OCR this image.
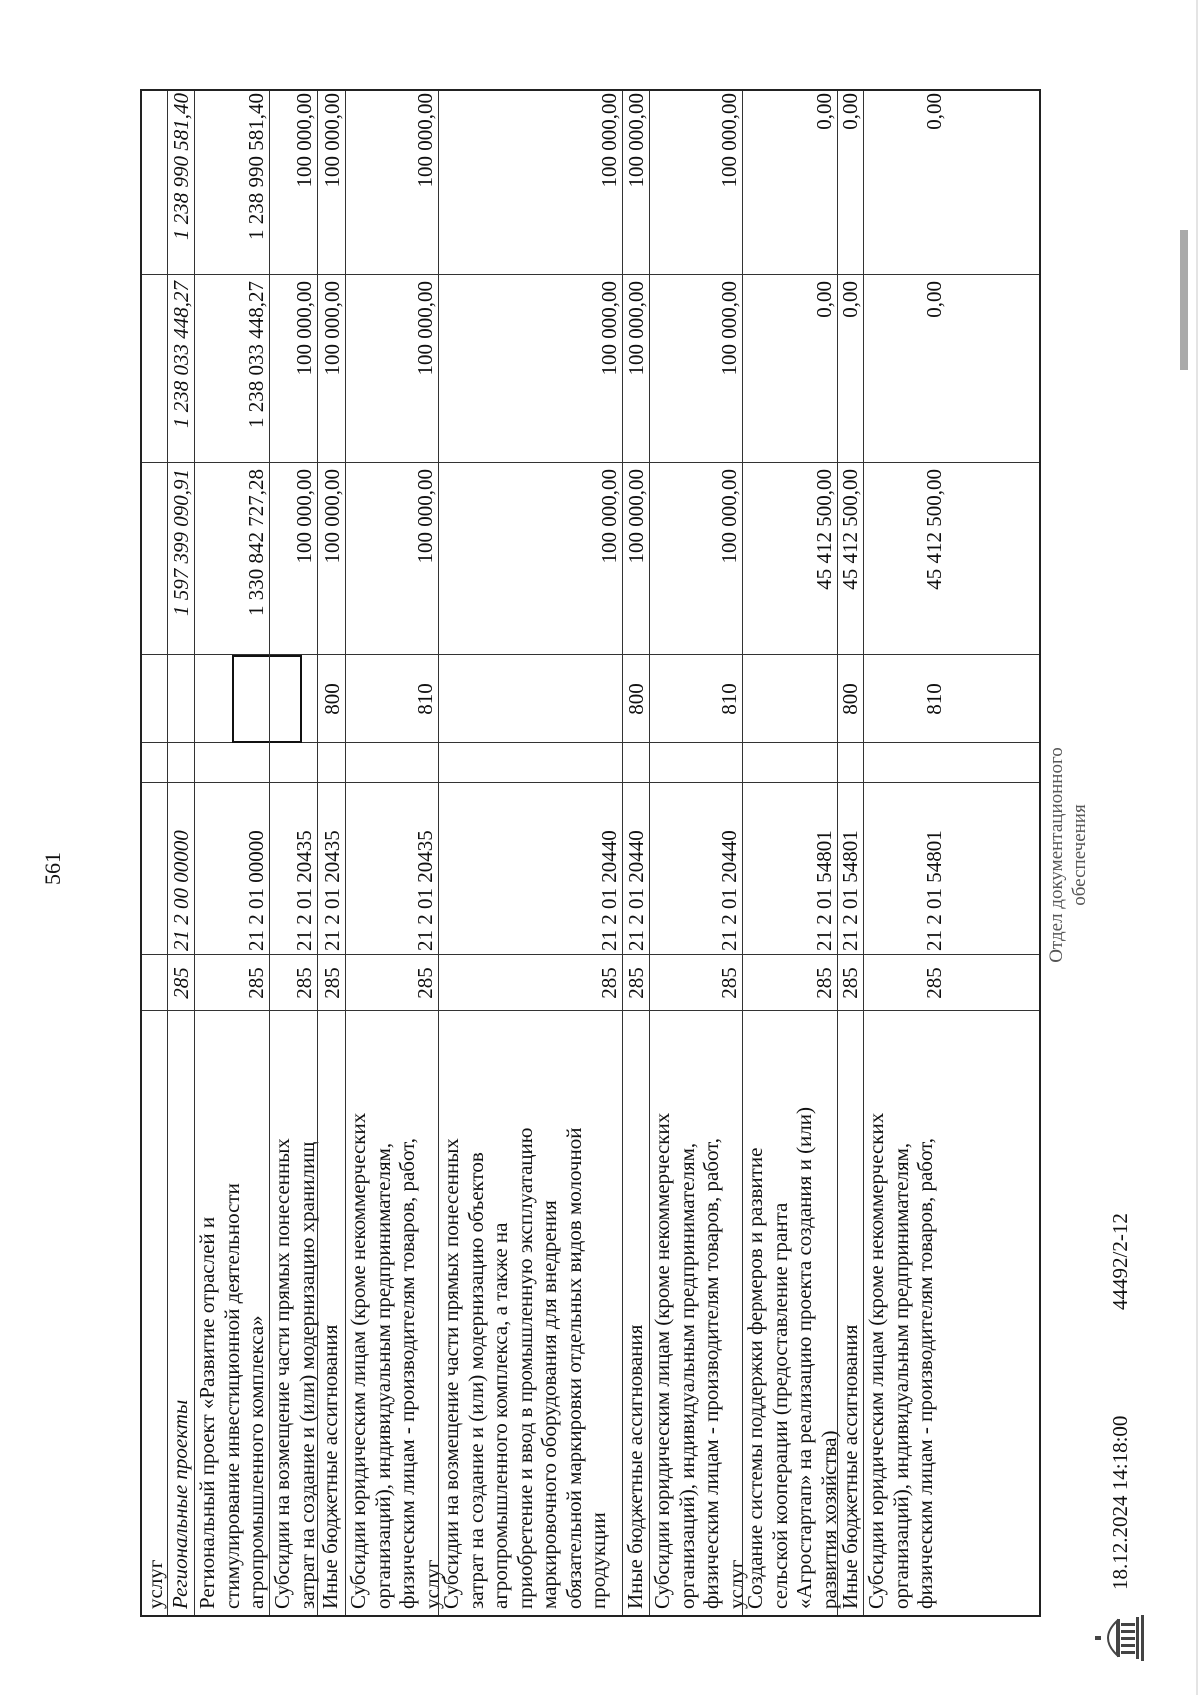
561
услуг Региональные проекты
285
21 2 00 00000
1 597 399 090,91
1 238 033 448,27
1 238 990 581,40
Региональный проект «Развитие отраслей и стимулирование инвестиционной деятельности агропромышленного комплекса»
285
21 2 01 00000
1 330 842 727,28
1 238 033 448,27
1 238 990 581,40
Субсидии на возмещение части прямых понесенных затрат на создание и (или) модернизацию хранилищ
285
21 2 01 20435
100 000,00
100 000,00
100 000,00
Иные бюджетные ассигнования
285
21 2 01 20435
800
100 000,00
100 000,00
100 000,00
Субсидии юридическим лицам (кроме некоммерческих организаций), индивидуальным предпринимателям, физическим лицам - производителям товаров, работ, услуг
285
21 2 01 20435
810
100 000,00
100 000,00
100 000,00
Субсидии на возмещение части прямых понесенных затрат на создание и (или) модернизацию объектов агропромышленного комплекса, а также на приобретение и ввод в промышленную эксплуатацию маркировочного оборудования для внедрения обязательной маркировки отдельных видов молочной продукции
285
21 2 01 20440
100 000,00
100 000,00
100 000,00
Иные бюджетные ассигнования
285
21 2 01 20440
800
100 000,00
100 000,00
100 000,00
Субсидии юридическим лицам (кроме некоммерческих организаций), индивидуальным предпринимателям, физическим лицам - производителям товаров, работ, услуг
285
21 2 01 20440
810
100 000,00
100 000,00
100 000,00
Создание системы поддержки фермеров и развитие сельской кооперации (предоставление гранта «Агростартап» на реализацию проекта создания и (или) развития хозяйства)
285
21 2 01 54801
45 412 500,00
0,00
0,00
Иные бюджетные ассигнования
285
21 2 01 54801
800
45 412 500,00
0,00
0,00
Субсидии юридическим лицам (кроме некоммерческих организаций), индивидуальным предпринимателям, физическим лицам - производителям товаров, работ,
285
21 2 01 54801
810
45 412 500,00
0,00
0,00
18.12.2024 14:18:00
44492/2-12
Отдел документационного обеспечения
